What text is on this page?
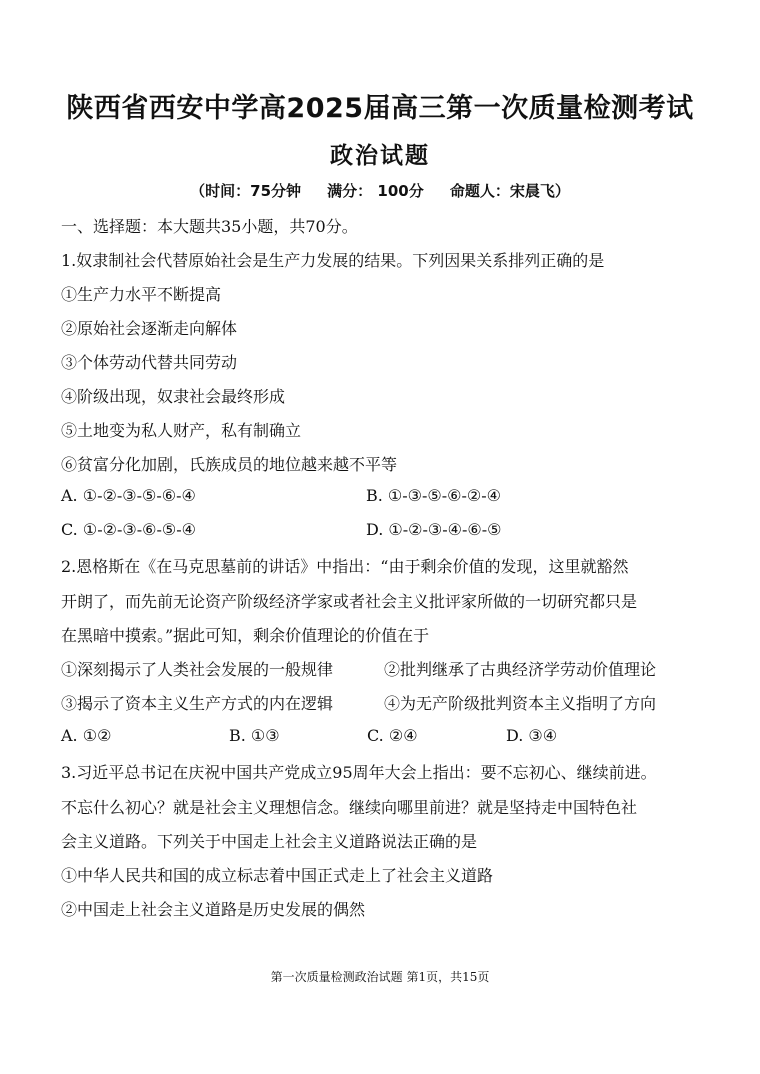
陕西省西安中学高2025届高三第一次质量检测考试
政治试题
（时间：75分钟 满分： 100分 命题人：宋晨飞）
一、选择题：本大题共35小题，共70分。
1.奴隶制社会代替原始社会是生产力发展的结果。下列因果关系排列正确的是
①生产力水平不断提高
②原始社会逐渐走向解体
③个体劳动代替共同劳动
④阶级出现，奴隶社会最终形成
⑤土地变为私人财产，私有制确立
⑥贫富分化加剧，氏族成员的地位越来越不平等
A. ①-②-③-⑤-⑥-④	B. ①-③-⑤-⑥-②-④
C. ①-②-③-⑥-⑤-④	D. ①-②-③-④-⑥-⑤
2.恩格斯在《在马克思墓前的讲话》中指出：“由于剩余价值的发现，这里就豁然
开朗了，而先前无论资产阶级经济学家或者社会主义批评家所做的一切研究都只是
在黑暗中摸索。”据此可知，剩余价值理论的价值在于
①深刻揭示了人类社会发展的一般规律	②批判继承了古典经济学劳动价值理论
③揭示了资本主义生产方式的内在逻辑	④为无产阶级批判资本主义指明了方向
A. ①②	B. ①③	C. ②④	D. ③④
3.习近平总书记在庆祝中国共产党成立95周年大会上指出：要不忘初心、继续前进。
不忘什么初心？就是社会主义理想信念。继续向哪里前进？就是坚持走中国特色社
会主义道路。下列关于中国走上社会主义道路说法正确的是
①中华人民共和国的成立标志着中国正式走上了社会主义道路
②中国走上社会主义道路是历史发展的偶然
第一次质量检测政治试题 第1页，共15页
